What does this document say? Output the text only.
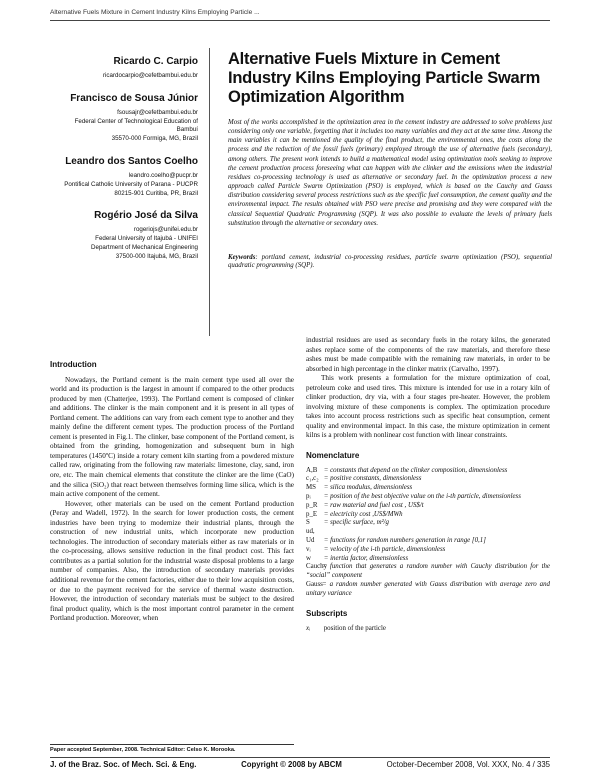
Alternative Fuels Mixture in Cement Industry Kilns Employing Particle ...
Ricardo C. Carpio
ricardocarpio@cefetbambui.edu.br
Francisco de Sousa Júnior
fsousajr@cefetbambui.edu.br
Federal Center of Technological Education of
Bambuí
35570-000 Formiga, MG, Brazil
Leandro dos Santos Coelho
leandro.coelho@pucpr.br
Pontifical Catholic University of Parana - PUCPR
80215-901 Curitiba, PR, Brazil
Rogério José da Silva
rogeriojs@unifei.edu.br
Federal University of Itajubá - UNIFEI
Department of Mechanical Engineering
37500-000 Itajubá, MG, Brazil
Alternative Fuels Mixture in Cement Industry Kilns Employing Particle Swarm Optimization Algorithm
Most of the works accomplished in the optimization area in the cement industry are addressed to solve problems just considering only one variable, forgetting that it includes too many variables and they act at the same time. Among the main variables it can be mentioned the quality of the final product, the environmental ones, the costs along the process and the reduction of the fossil fuels (primary) employed through the use of alternative fuels (secondary), among others. The present work intends to build a mathematical model using optimization tools seeking to improve the cement production process foreseeing what can happen with the clinker and the emissions when the industrial residues co-processing technology is used as alternative or secondary fuel. In the optimization process a new approach called Particle Swarm Optimization (PSO) is employed, which is based on the Cauchy and Gauss distribution considering several process restrictions such as the specific fuel consumption, the cement quality and the environmental impact. The results obtained with PSO were precise and promising and they were compared with the classical Sequential Quadratic Programming (SQP). It was also possible to evaluate the levels of primary fuels substitution through the alternative or secondary ones.
Keywords: portland cement, industrial co-processing residues, particle swarm optimization (PSO), sequential quadratic programming (SQP).
Introduction

Nowadays, the Portland cement is the main cement type used all over the world and its production is the largest in amount if compared to the other products produced by men (Chatterjee, 1993). The Portland cement is composed of clinker and additions. The clinker is the main component and it is present in all types of Portland cement. The additions can vary from each cement type to another and they mainly define the different cement types. The production process of the Portland cement is presented in Fig.1. The clinker, base component of the Portland cement, is obtained from the grinding, homogenization and subsequent burn in high temperatures (1450ºC) inside a rotary cement kiln starting from a powdered mixture called raw, originating from the following raw materials: limestone, clay, sand, iron ore, etc. The main chemical elements that constitute the clinker are the lime (CaO) and the silica (SiO₂) that react between themselves forming lime silica, which is the main active component of the cement.

However, other materials can be used on the cement Portland production (Peray and Wadell, 1972). In the search for lower production costs, the cement industries have been trying to modernize their industrial plants, through the construction of new industrial units, which incorporate new production technologies. The introduction of secondary materials either as raw materials or in the co-processing, allows sensitive reduction in the final product cost. This fact contributes as a partial solution for the industrial waste disposal problems to a large number of companies. Also, the introduction of secondary materials provides additional revenue for the cement factories, either due to their low acquisition costs, or due to the payment received for the service of thermal waste destruction. However, the introduction of secondary materials must be subject to the desired final product quality, which is the most important control parameter in the cement Portland production. Moreover, when

industrial residues are used as secondary fuels in the rotary kilns, the generated ashes replace some of the components of the raw materials, and therefore these ashes must be made compatible with the remaining raw materials, in order to be absorbed in high percentage in the clinker matrix (Carvalho, 1997).

This work presents a formulation for the mixture optimization of coal, petroleum coke and used tires. This mixture is intended for use in a rotary kiln of clinker production, dry via, with a four stages pre-heater. However, the problem involving mixture of these components is complex. The optimization procedure takes into account process restrictions such as specific heat consumption, cement quality and environmental impact. In this case, the mixture optimization in cement kilns is a problem with nonlinear cost function with linear constraints.

Nomenclature
A,B = constants that depend on the clinker composition, dimensionless
c₁,c₂ = positive constants, dimensionless
MS = silica modulus, dimensionless
pᵢ = position of the best objective value on the i-th particle, dimensionless
p_R = raw material and fuel cost , US$/t
p_E = electricity cost ,US$/MWh
S = specific surface, m²/g
ud, Ud = functions for random numbers generation in range [0,1]
vᵢ = velocity of the i-th particle, dimensionless
w = inertia factor, dimensionless
Cauchy= function that generates a random number with Cauchy distribution for the “social” component
Gauss= a random number generated with Gauss distribution with average zero and unitary variance
Subscripts
xᵢ position of the particle
Paper accepted September, 2008. Technical Editor: Celso K. Morooka.
J. of the Braz. Soc. of Mech. Sci. & Eng.	Copyright © 2008 by ABCM	October-December 2008, Vol. XXX, No. 4 / 335
